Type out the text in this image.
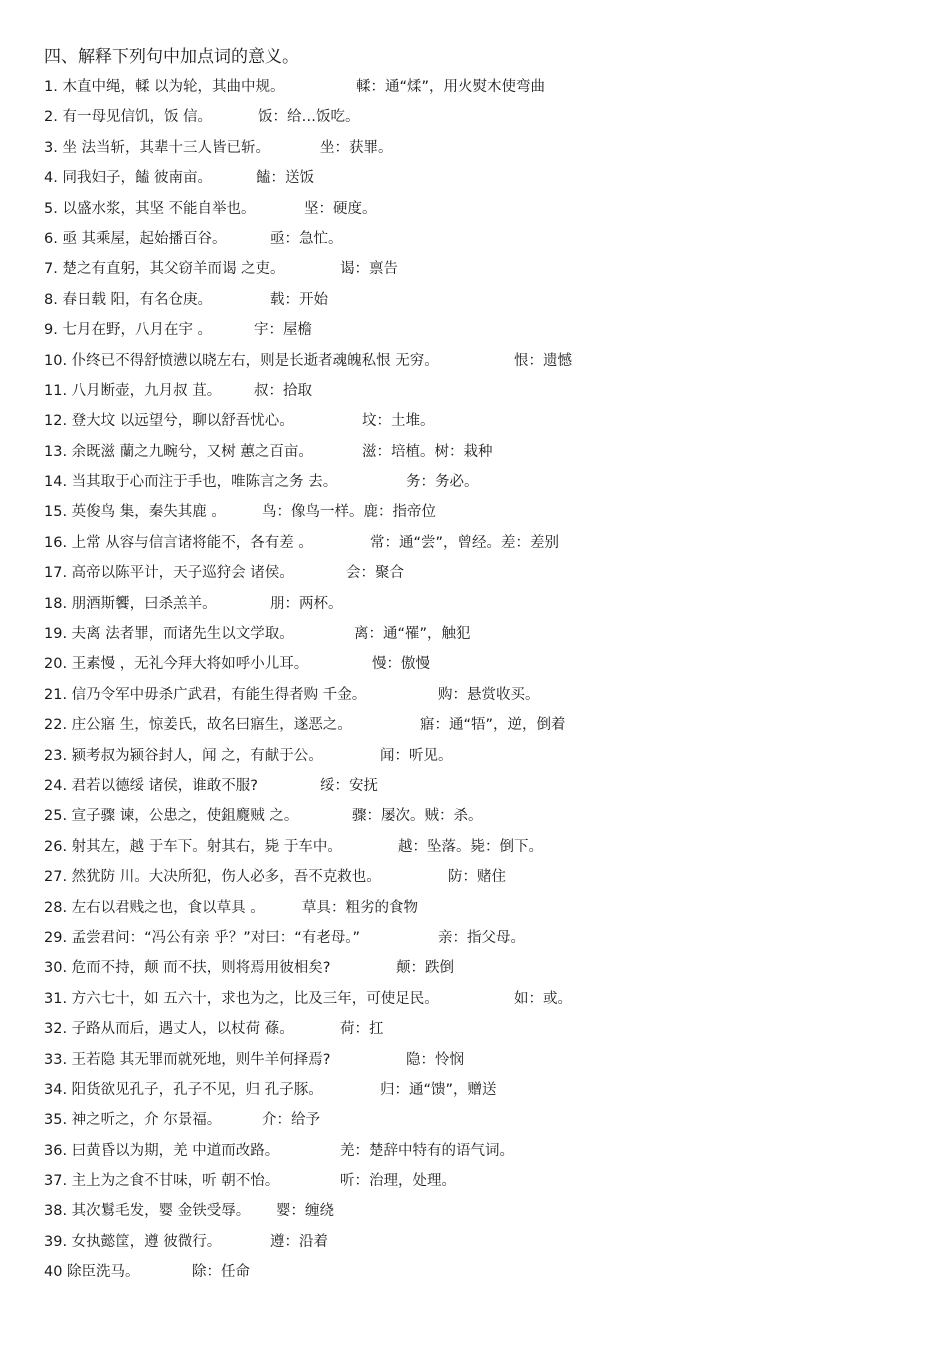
四、解释下列句中加点词的意义。
1. 木直中绳，輮 以为轮，其曲中规。	輮：通“煣”，用火熨木使弯曲
2. 有一母见信饥，饭 信。	饭：给…饭吃。
3. 坐 法当斩，其辈十三人皆已斩。	坐：获罪。
4. 同我妇子，饁 彼南亩。	饁：送饭
5. 以盛水浆，其坚 不能自举也。	坚：硬度。
6. 亟 其乘屋，起始播百谷。	亟：急忙。
7. 楚之有直躬，其父窃羊而谒 之吏。	谒：禀告
8. 春日载 阳，有名仓庚。	载：开始
9. 七月在野，八月在宇 。	宇：屋檐
10. 仆终已不得舒愤懑以晓左右，则是长逝者魂魄私恨 无穷。	恨：遗憾
11. 八月断壶，九月叔 苴。 叔：拾取
12. 登大坟 以远望兮，聊以舒吾忧心。	坟：土堆。
13. 余既滋 蘭之九畹兮，又树 蕙之百亩。	滋：培植。树：栽种
14. 当其取于心而注于手也，唯陈言之务 去。	务：务必。
15. 英俊鸟 集，秦失其鹿 。 鸟：像鸟一样。鹿：指帝位
16. 上常 从容与信言诸将能不，各有差 。	常：通“尝”，曾经。差：差别
17. 高帝以陈平计，天子巡狩会 诸侯。	会：聚合
18. 朋酒斯饗，曰杀羔羊。	朋：两杯。
19. 夫离 法者罪，而诸先生以文学取。	离：通“罹”，触犯
20. 王素慢 ，无礼今拜大将如呼小儿耳。	慢：傲慢
21. 信乃令军中毋杀广武君，有能生得者购 千金。	购：悬赏收买。
22. 庄公寤 生，惊姜氏，故名曰寤生，遂恶之。	寤：通“牾”，逆，倒着
23. 颍考叔为颍谷封人，闻 之，有献于公。	闻：听见。
24. 君若以德绥 诸侯，谁敢不服?	绥：安抚
25. 宣子骤 谏，公患之，使鉏麑贼 之。	骤：屡次。贼：杀。
26. 射其左，越 于车下。射其右，毙 于车中。	越：坠落。毙：倒下。
27. 然犹防 川。大决所犯，伤人必多，吾不克救也。	防：赌住
28. 左右以君贱之也，食以草具 。	草具：粗劣的食物
29. 孟尝君问：“冯公有亲 乎？”对曰：“有老母。”	亲：指父母。
30. 危而不持，颠 而不扶，则将焉用彼相矣?	颠：跌倒
31. 方六七十，如 五六十，求也为之，比及三年，可使足民。	如：或。
32. 子路从而后，遇丈人，以杖荷 蓧。	荷：扛
33. 王若隐 其无罪而就死地，则牛羊何择焉?	隐：怜悯
34. 阳货欲见孔子，孔子不见，归 孔子豚。	归：通“馈”，赠送
35. 神之听之，介 尔景福。	介：给予
36. 曰黄昏以为期，羌 中道而改路。	羌：楚辞中特有的语气词。
37. 主上为之食不甘味，听 朝不怡。	听：治理，处理。
38. 其次鬄毛发，婴 金铁受辱。 婴：缠绕
39. 女执懿筐，遵 彼微行。	遵：沿着
40 除臣洗马。	除：任命
